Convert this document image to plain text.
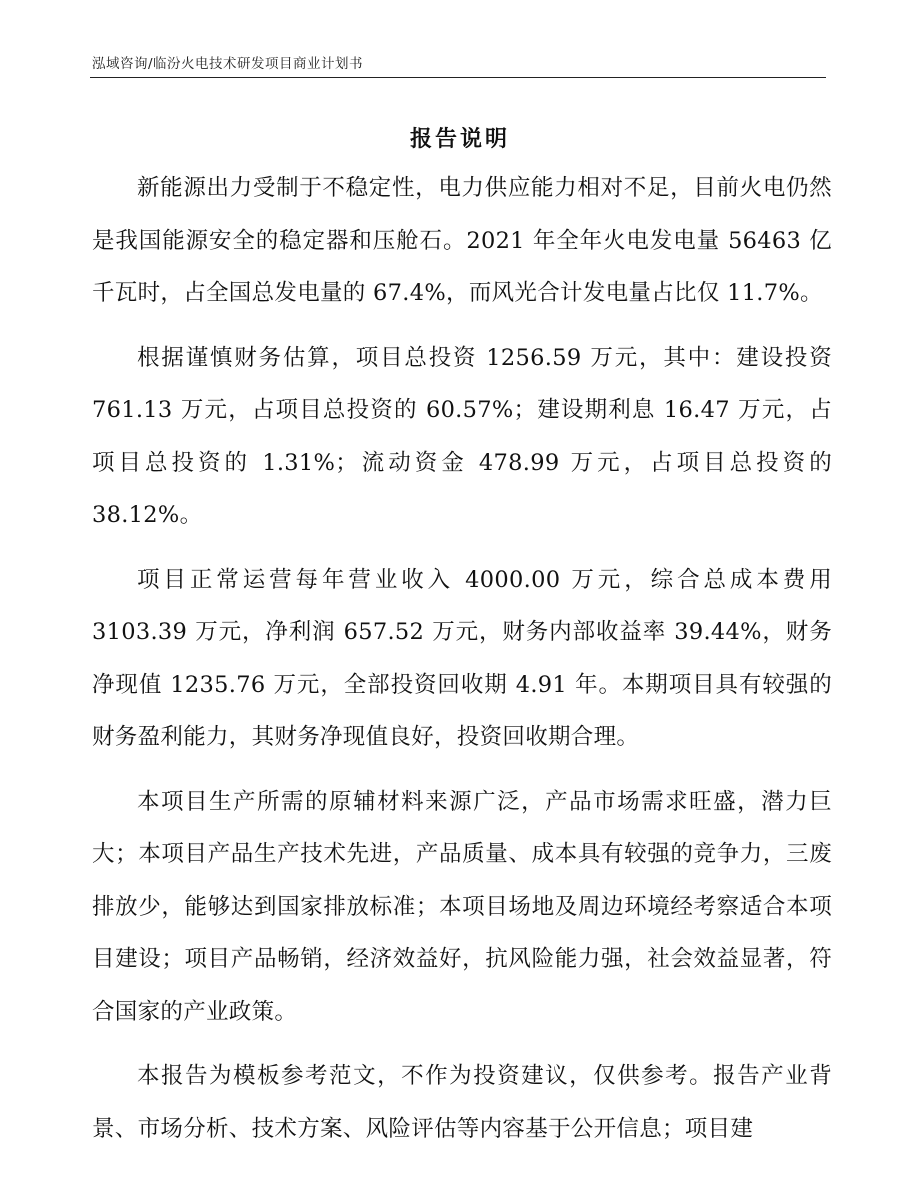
泓域咨询/临汾火电技术研发项目商业计划书
报告说明

新能源出力受制于不稳定性，电力供应能力相对不足，目前火电仍然是我国能源安全的稳定器和压舱石。2021 年全年火电发电量 56463 亿千瓦时，占全国总发电量的 67.4%，而风光合计发电量占比仅 11.7%。

根据谨慎财务估算，项目总投资 1256.59 万元，其中：建设投资 761.13 万元，占项目总投资的 60.57%；建设期利息 16.47 万元，占项目总投资的 1.31%；流动资金 478.99 万元，占项目总投资的 38.12%。

项目正常运营每年营业收入 4000.00 万元，综合总成本费用 3103.39 万元，净利润 657.52 万元，财务内部收益率 39.44%，财务净现值 1235.76 万元，全部投资回收期 4.91 年。本期项目具有较强的财务盈利能力，其财务净现值良好，投资回收期合理。

本项目生产所需的原辅材料来源广泛，产品市场需求旺盛，潜力巨大；本项目产品生产技术先进，产品质量、成本具有较强的竞争力，三废排放少，能够达到国家排放标准；本项目场地及周边环境经考察适合本项目建设；项目产品畅销，经济效益好，抗风险能力强，社会效益显著，符合国家的产业政策。

本报告为模板参考范文，不作为投资建议，仅供参考。报告产业背景、市场分析、技术方案、风险评估等内容基于公开信息；项目建
